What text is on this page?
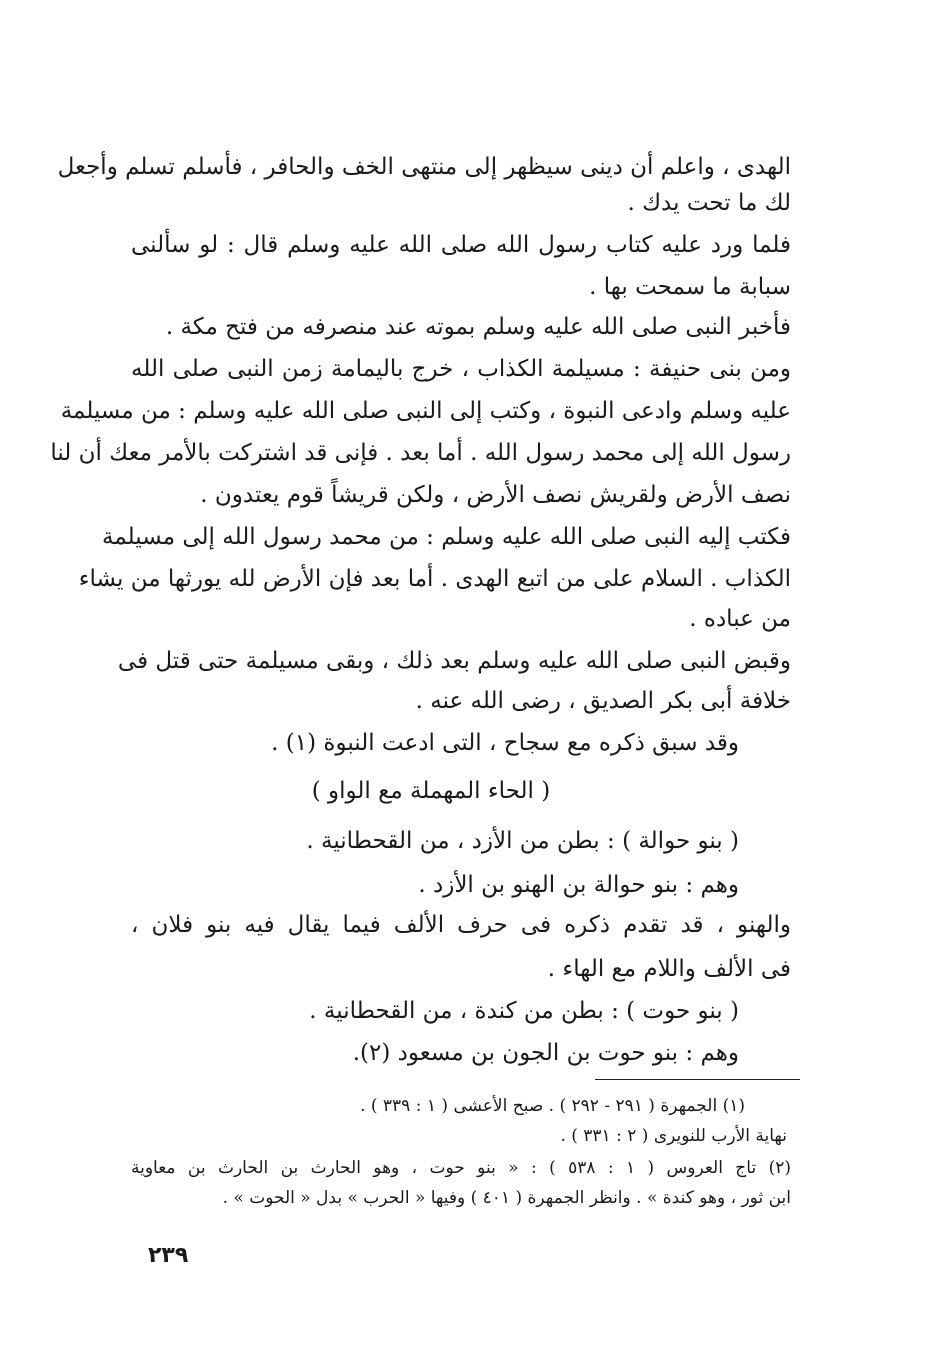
الهدى ، واعلم أن دينى سيظهر إلى منتهى الخف والحافر ، فأسلم تسلم وأجعل
لك ما تحت يدك .
فلما ورد عليه كتاب رسول الله صلى الله عليه وسلم قال : لو سألنى
سبابة ما سمحت بها .
فأخبر النبى صلى الله عليه وسلم بموته عند منصرفه من فتح مكة .
ومن بنى حنيفة : مسيلمة الكذاب ، خرج باليمامة زمن النبى صلى الله
عليه وسلم وادعى النبوة ، وكتب إلى النبى صلى الله عليه وسلم : من مسيلمة
رسول الله إلى محمد رسول الله . أما بعد . فإنى قد اشتركت بالأمر معك أن لنا
نصف الأرض ولقريش نصف الأرض ، ولكن قريشاً قوم يعتدون .
فكتب إليه النبى صلى الله عليه وسلم : من محمد رسول الله إلى مسيلمة
الكذاب . السلام على من اتبع الهدى . أما بعد فإن الأرض لله يورثها من يشاء
من عباده .
وقبض النبى صلى الله عليه وسلم بعد ذلك ، وبقى مسيلمة حتى قتل فى
خلافة أبى بكر الصديق ، رضى الله عنه .
وقد سبق ذكره مع سجاح ، التى ادعت النبوة (١) .
( الحاء المهملة مع الواو )
( بنو حوالة ) : بطن من الأزد ، من القحطانية .
وهم : بنو حوالة بن الهنو بن الأزد .
والهنو ، قد تقدم ذكره فى حرف الألف فيما يقال فيه بنو فلان ،
فى الألف واللام مع الهاء .
( بنو حوت ) : بطن من كندة ، من القحطانية .
وهم : بنو حوت بن الجون بن مسعود (٢).
(١) الجمهرة ( ٢٩١ - ٢٩٢ ) . صبح الأعشى ( ١ : ٣٣٩ ) .
نهاية الأرب للنويرى ( ٢ : ٣٣١ ) .
(٢) تاج العروس ( ١ : ٥٣٨ ) : « بنو حوت ، وهو الحارث بن الحارث بن معاوية
ابن ثور ، وهو كندة » . وانظر الجمهرة ( ٤٠١ ) وفيها « الحرب » بدل « الحوت » .
٢٣٩
